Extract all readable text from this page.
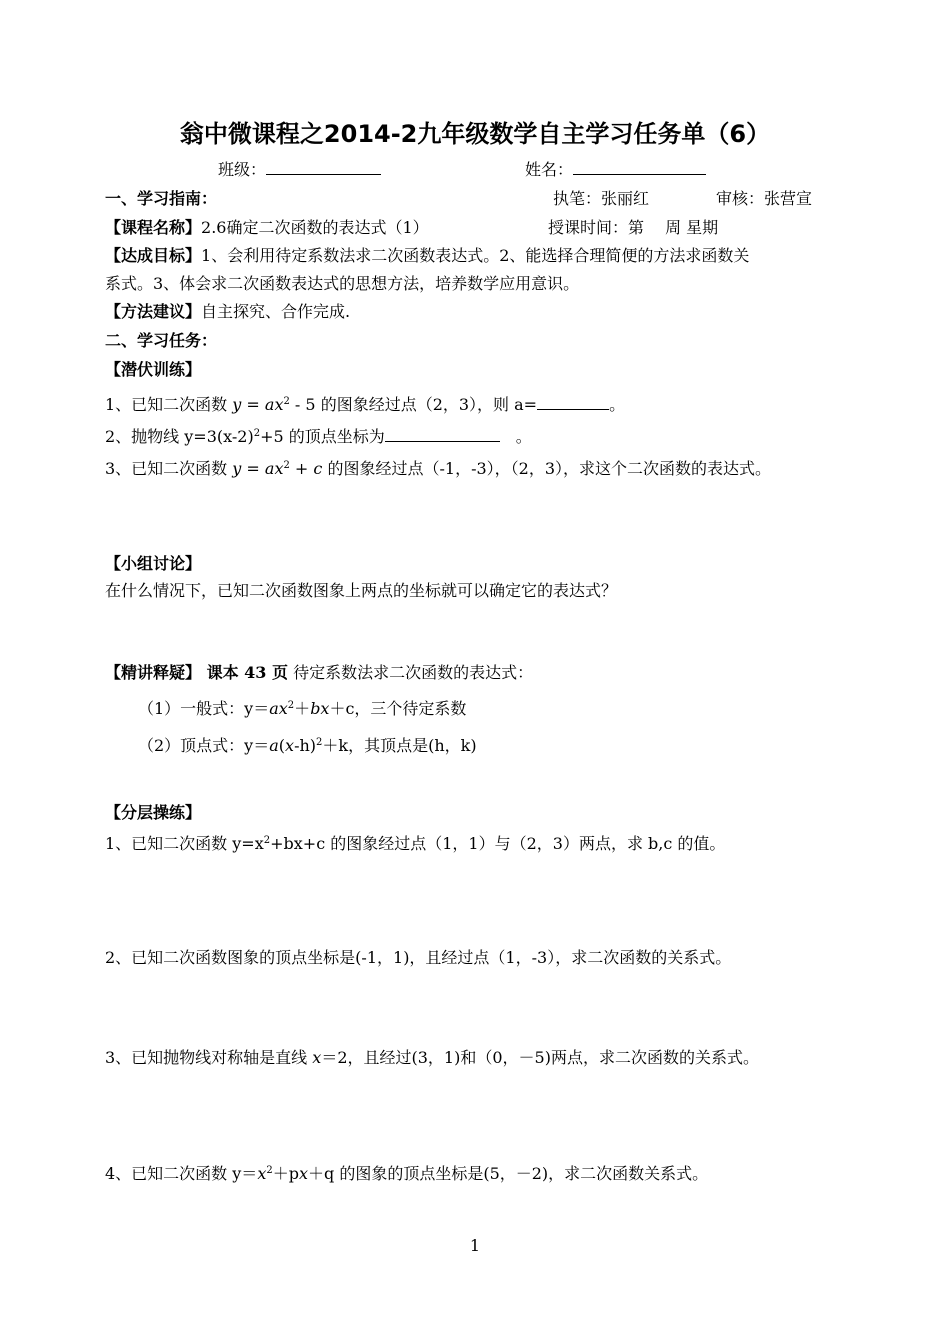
翁中微课程之2014-2九年级数学自主学习任务单（6）
班级：	姓名：
一、学习指南：	执笔：张丽红	审核：张营宣
【课程名称】2.6确定二次函数的表达式（1）	授课时间：第　 周 星期
【达成目标】1、会利用待定系数法求二次函数表达式。2、能选择合理简便的方法求函数关
系式。3、体会求二次函数表达式的思想方法，培养数学应用意识。
【方法建议】自主探究、合作完成.
二、学习任务：
【潜伏训练】
1、已知二次函数 $y = ax^2 - 5$ 的图象经过点（2，3），则 a=	。
2、抛物线 $y=3(x-2)^2+5$ 的顶点坐标为	　。
3、已知二次函数 $y = ax^2 + c$ 的图象经过点（-1，-3），（2，3），求这个二次函数的表达式。
【小组讨论】
在什么情况下，已知二次函数图象上两点的坐标就可以确定它的表达式？
【精讲释疑】 课本 43 页 待定系数法求二次函数的表达式：
（1）一般式：$y=ax^2+bx+c$，三个待定系数
（2）顶点式：$y=a(x-h)^2+k$，其顶点是(h，k)
【分层操练】
1、已知二次函数 $y=x^2+bx+c$ 的图象经过点（1，1）与（2，3）两点，求 b,c 的值。
2、已知二次函数图象的顶点坐标是(-1，1)，且经过点（1，-3），求二次函数的关系式。
3、已知抛物线对称轴是直线 x＝2，且经过(3，1)和（0，－5)两点，求二次函数的关系式。
4、已知二次函数 $y=x^2+px+q$ 的图象的顶点坐标是(5，－2)，求二次函数关系式。
1
